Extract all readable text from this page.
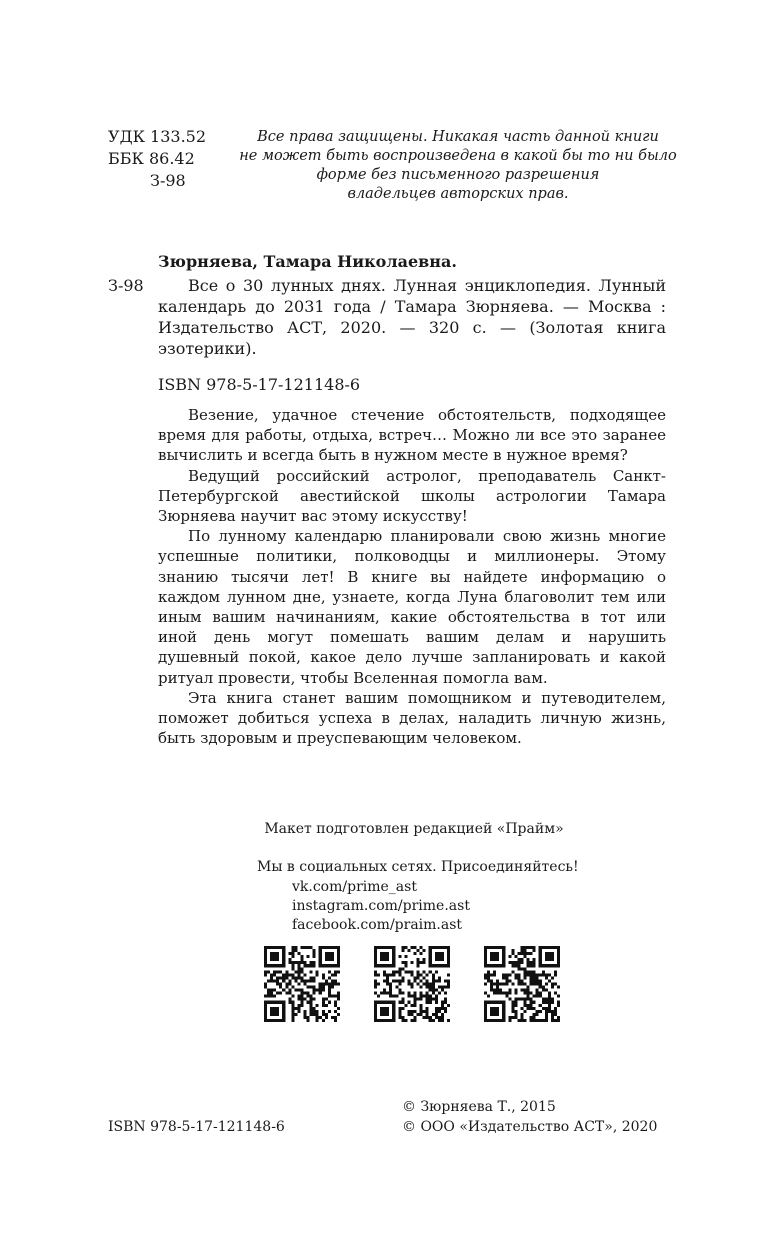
УДК 133.52
ББК 86.42
З-98
Все права защищены. Никакая часть данной книги
не может быть воспроизведена в какой бы то ни было
форме без письменного разрешения
владельцев авторских прав.
Зюрняева, Тамара Николаевна.
З-98	Все о 30 лунных днях. Лунная энциклопедия. Лунный календарь до 2031 года / Тамара Зюрняева. — Москва : Издательство АСТ, 2020. — 320 с. — (Золотая книга эзотерики).
ISBN 978-5-17-121148-6

Везение, удачное стечение обстоятельств, подходящее время для работы, отдыха, встреч… Можно ли все это заранее вычислить и всегда быть в нужном месте в нужное время?

Ведущий российский астролог, преподаватель Санкт-Петербургской авестийской школы астрологии Тамара Зюрняева научит вас этому искусству!

По лунному календарю планировали свою жизнь многие успешные политики, полководцы и миллионеры. Этому знанию тысячи лет! В книге вы найдете информацию о каждом лунном дне, узнаете, когда Луна благоволит тем или иным вашим начинаниям, какие обстоятельства в тот или иной день могут помешать вашим делам и нарушить душевный покой, какое дело лучше запланировать и какой ритуал провести, чтобы Вселенная помогла вам.

Эта книга станет вашим помощником и путеводителем, поможет добиться успеха в делах, наладить личную жизнь, быть здоровым и преуспевающим человеком.

Макет подготовлен редакцией «Прайм»
Мы в социальных сетях. Присоединяйтесь!
vk.com/prime_ast
instagram.com/prime.ast
facebook.com/praim.ast
ISBN 978-5-17-121148-6
© Зюрняева Т., 2015
© ООО «Издательство АСТ», 2020
